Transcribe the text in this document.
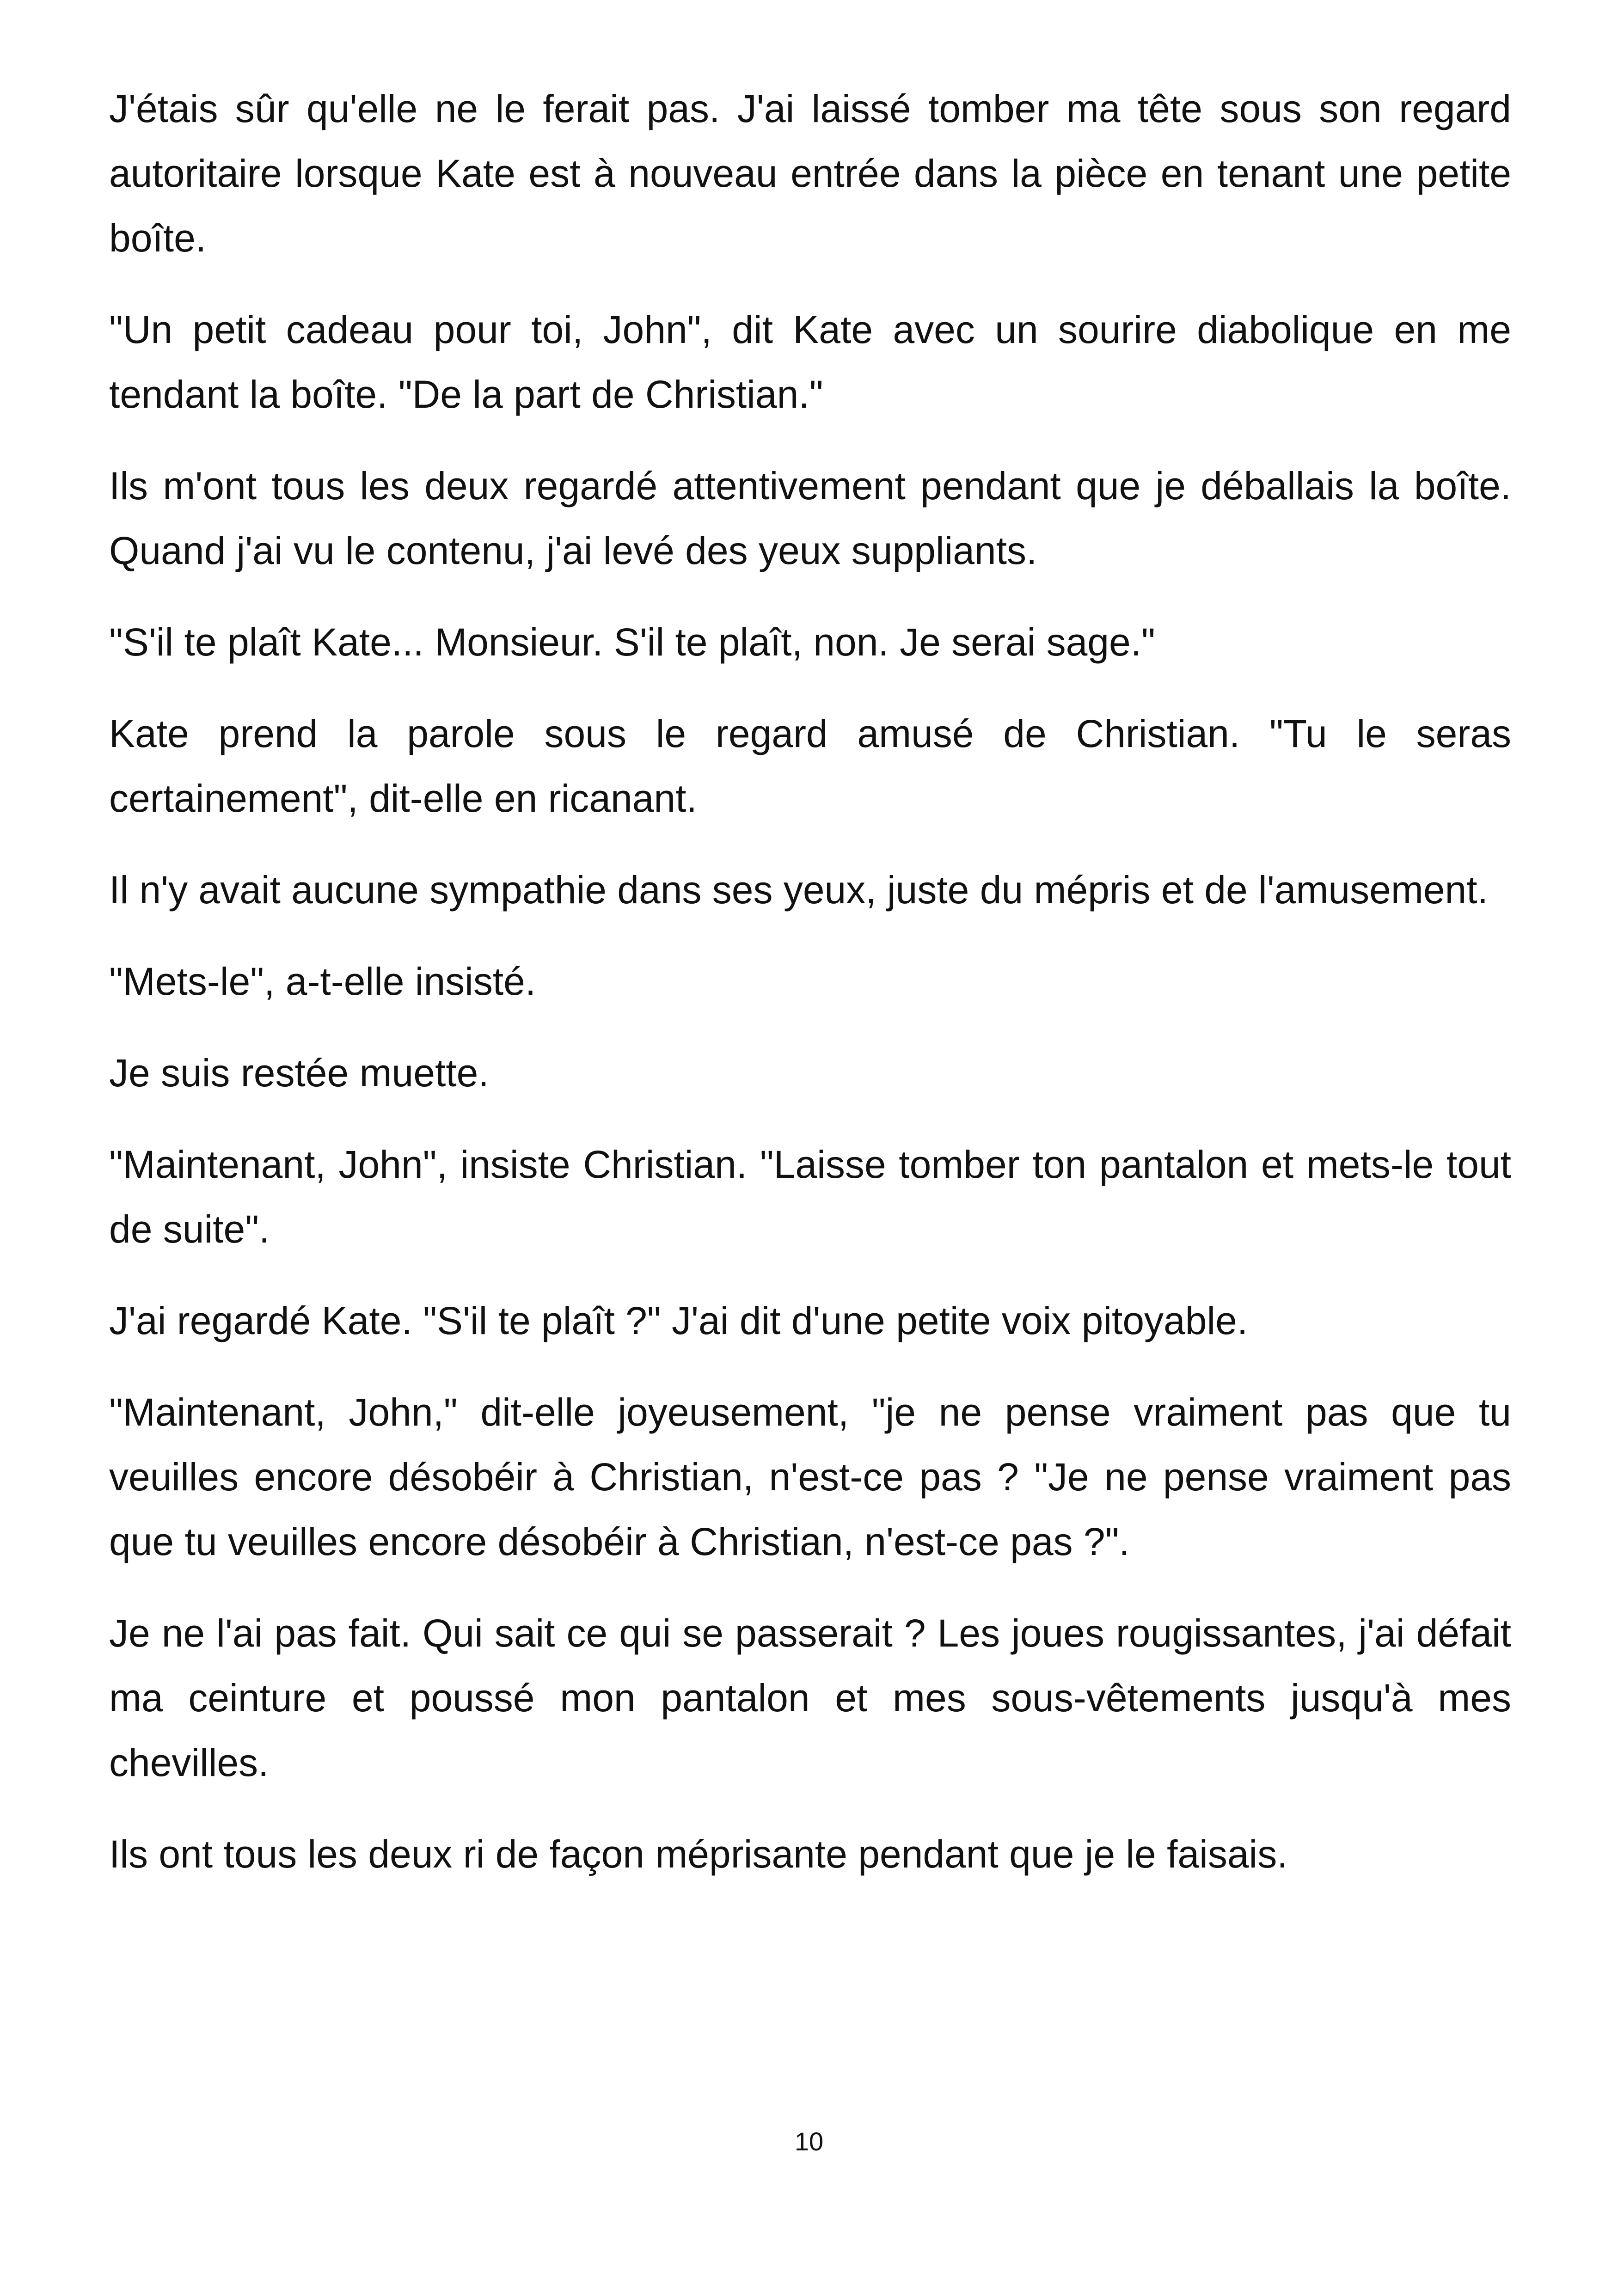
J'étais sûr qu'elle ne le ferait pas. J'ai laissé tomber ma tête sous son regard autoritaire lorsque Kate est à nouveau entrée dans la pièce en tenant une petite boîte.

"Un petit cadeau pour toi, John", dit Kate avec un sourire diabolique en me tendant la boîte. "De la part de Christian."

Ils m'ont tous les deux regardé attentivement pendant que je déballais la boîte. Quand j'ai vu le contenu, j'ai levé des yeux suppliants.

"S'il te plaît Kate... Monsieur. S'il te plaît, non. Je serai sage."

Kate prend la parole sous le regard amusé de Christian. "Tu le seras certainement", dit-elle en ricanant.

Il n'y avait aucune sympathie dans ses yeux, juste du mépris et de l'amusement.

"Mets-le", a-t-elle insisté.

Je suis restée muette.

"Maintenant, John", insiste Christian. "Laisse tomber ton pantalon et mets-le tout de suite".

J'ai regardé Kate. "S'il te plaît ?" J'ai dit d'une petite voix pitoyable.

"Maintenant, John," dit-elle joyeusement, "je ne pense vraiment pas que tu veuilles encore désobéir à Christian, n'est-ce pas ? "Je ne pense vraiment pas que tu veuilles encore désobéir à Christian, n'est-ce pas ?".

Je ne l'ai pas fait. Qui sait ce qui se passerait ? Les joues rougissantes, j'ai défait ma ceinture et poussé mon pantalon et mes sous-vêtements jusqu'à mes chevilles.

Ils ont tous les deux ri de façon méprisante pendant que je le faisais.

10
